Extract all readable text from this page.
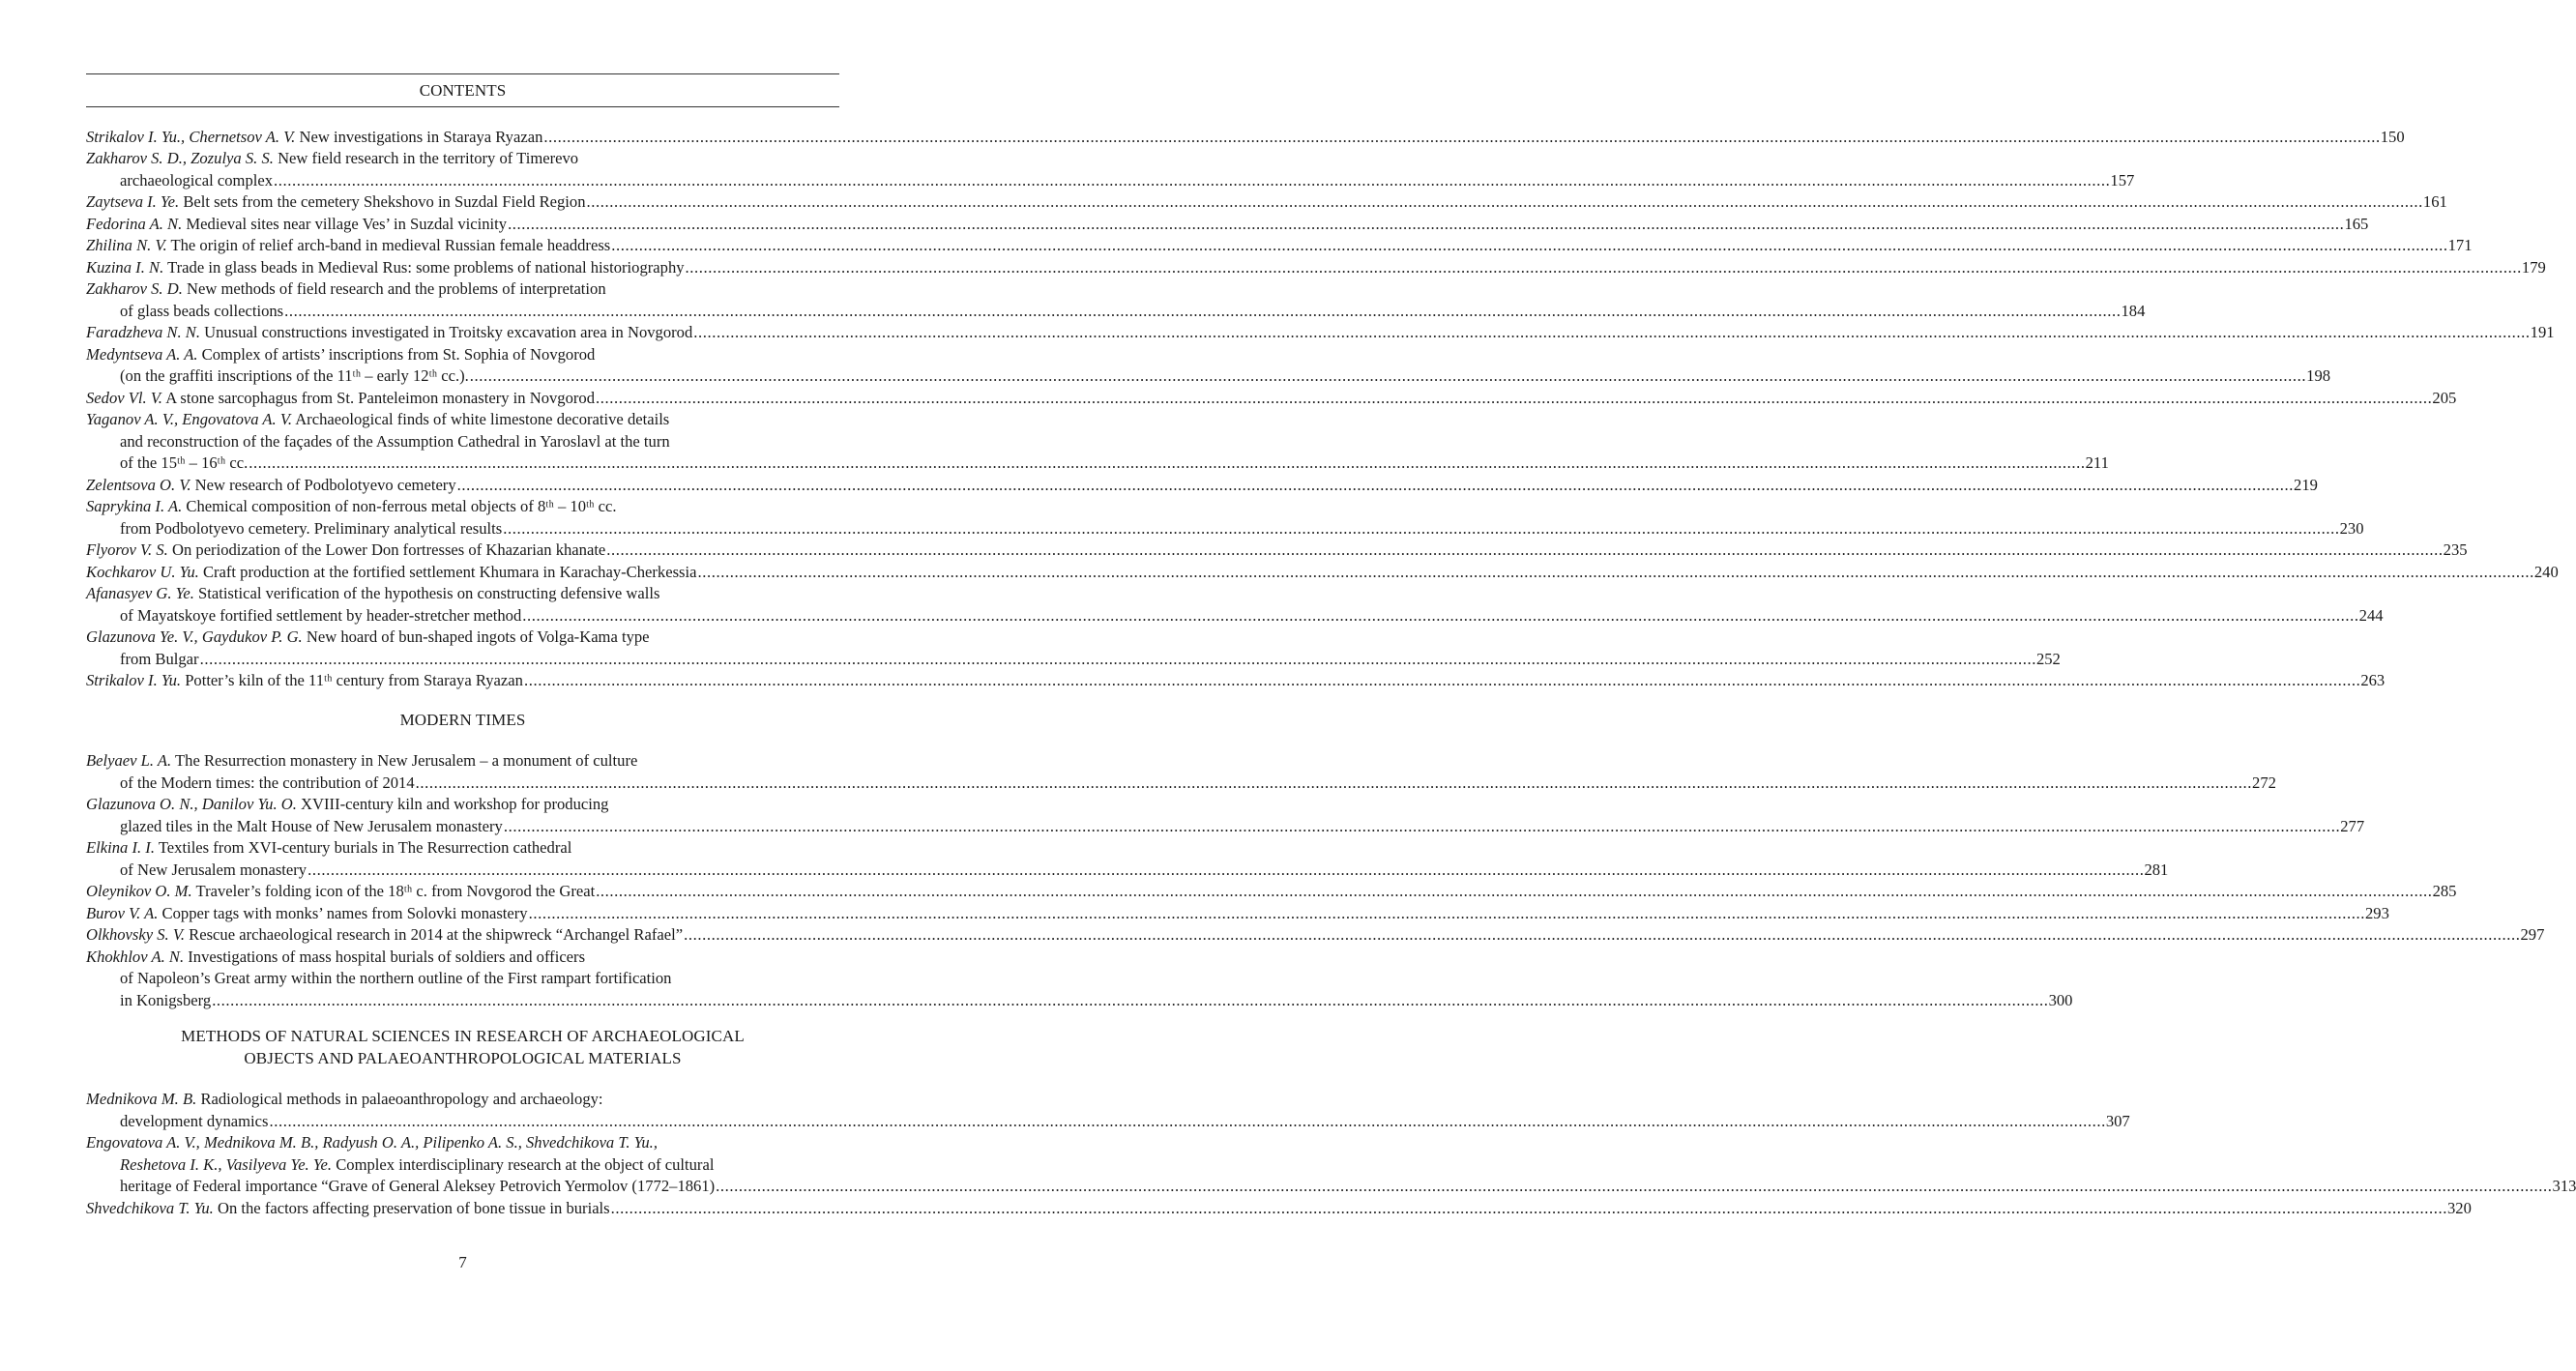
CONTENTS
Strikalov I. Yu., Chernetsov A. V. New investigations in Staraya Ryazan ................................................................................................................................................................................................................................................................................................................................................................................................................ 150
Zakharov S. D., Zozulya S. S. New field research in the territory of Timerevo
archaeological complex ................................................................................................................................................................................................................................................................................................................................................................................................................ 157
Zaytseva I. Ye. Belt sets from the cemetery Shekshovo in Suzdal Field Region ................................................................................................................................................................................................................................................................................................................................................................................................................ 161
Fedorina A. N. Medieval sites near village Ves’ in Suzdal vicinity ................................................................................................................................................................................................................................................................................................................................................................................................................ 165
Zhilina N. V. The origin of relief arch-band in medieval Russian female headdress ................................................................................................................................................................................................................................................................................................................................................................................................................ 171
Kuzina I. N. Trade in glass beads in Medieval Rus: some problems of national historiography ................................................................................................................................................................................................................................................................................................................................................................................................................ 179
Zakharov S. D. New methods of field research and the problems of interpretation
of glass beads collections ................................................................................................................................................................................................................................................................................................................................................................................................................ 184
Faradzheva N. N. Unusual constructions investigated in Troitsky excavation area in Novgorod ................................................................................................................................................................................................................................................................................................................................................................................................................ 191
Medyntseva A. A. Complex of artists’ inscriptions from St. Sophia of Novgorod
(on the graffiti inscriptions of the 11ᵗʰ – early 12ᵗʰ cc.). ................................................................................................................................................................................................................................................................................................................................................................................................................ 198
Sedov Vl. V. A stone sarcophagus from St. Panteleimon monastery in Novgorod ................................................................................................................................................................................................................................................................................................................................................................................................................ 205
Yaganov A. V., Engovatova A. V. Archaeological finds of white limestone decorative details
and reconstruction of the façades of the Assumption Cathedral in Yaroslavl at the turn
of the 15ᵗʰ – 16ᵗʰ cc. ................................................................................................................................................................................................................................................................................................................................................................................................................ 211
Zelentsova O. V. New research of Podbolotyevo cemetery ................................................................................................................................................................................................................................................................................................................................................................................................................ 219
Saprykina I. A. Chemical composition of non-ferrous metal objects of 8ᵗʰ – 10ᵗʰ cc.
from Podbolotyevo cemetery. Preliminary analytical results ................................................................................................................................................................................................................................................................................................................................................................................................................ 230
Flyorov V. S. On periodization of the Lower Don fortresses of Khazarian khanate ................................................................................................................................................................................................................................................................................................................................................................................................................ 235
Kochkarov U. Yu. Craft production at the fortified settlement Khumara in Karachay-Cherkessia ................................................................................................................................................................................................................................................................................................................................................................................................................ 240
Afanasyev G. Ye. Statistical verification of the hypothesis on constructing defensive walls
of Mayatskoye fortified settlement by header-stretcher method ................................................................................................................................................................................................................................................................................................................................................................................................................ 244
Glazunova Ye. V., Gaydukov P. G. New hoard of bun-shaped ingots of Volga-Kama type
from Bulgar ................................................................................................................................................................................................................................................................................................................................................................................................................ 252
Strikalov I. Yu. Potter’s kiln of the 11ᵗʰ century from Staraya Ryazan ................................................................................................................................................................................................................................................................................................................................................................................................................ 263
MODERN TIMES
Belyaev L. A. The Resurrection monastery in New Jerusalem – a monument of culture
of the Modern times: the contribution of 2014 ................................................................................................................................................................................................................................................................................................................................................................................................................ 272
Glazunova O. N., Danilov Yu. O. XVIII-century kiln and workshop for producing
glazed tiles in the Malt House of New Jerusalem monastery ................................................................................................................................................................................................................................................................................................................................................................................................................ 277
Elkina I. I. Textiles from XVI-century burials in The Resurrection cathedral
of New Jerusalem monastery ................................................................................................................................................................................................................................................................................................................................................................................................................ 281
Oleynikov O. M. Traveler’s folding icon of the 18ᵗʰ c. from Novgorod the Great ................................................................................................................................................................................................................................................................................................................................................................................................................ 285
Burov V. A. Copper tags with monks’ names from Solovki monastery ................................................................................................................................................................................................................................................................................................................................................................................................................ 293
Olkhovsky S. V. Rescue archaeological research in 2014 at the shipwreck “Archangel Rafael” ................................................................................................................................................................................................................................................................................................................................................................................................................ 297
Khokhlov A. N. Investigations of mass hospital burials of soldiers and officers
of Napoleon’s Great army within the northern outline of the First rampart fortification
in Konigsberg ................................................................................................................................................................................................................................................................................................................................................................................................................ 300
METHODS OF NATURAL SCIENCES IN RESEARCH OF ARCHAEOLOGICAL
OBJECTS AND PALAEOANTHROPOLOGICAL MATERIALS
Mednikova M. B. Radiological methods in palaeoanthropology and archaeology:
development dynamics ................................................................................................................................................................................................................................................................................................................................................................................................................ 307
Engovatova A. V., Mednikova M. B., Radyush O. A., Pilipenko A. S., Shvedchikova T. Yu.,
Reshetova I. K., Vasilyeva Ye. Ye. Complex interdisciplinary research at the object of cultural
heritage of Federal importance “Grave of General Aleksey Petrovich Yermolov (1772–1861) ................................................................................................................................................................................................................................................................................................................................................................................................................ 313
Shvedchikova T. Yu. On the factors affecting preservation of bone tissue in burials ................................................................................................................................................................................................................................................................................................................................................................................................................ 320
7
